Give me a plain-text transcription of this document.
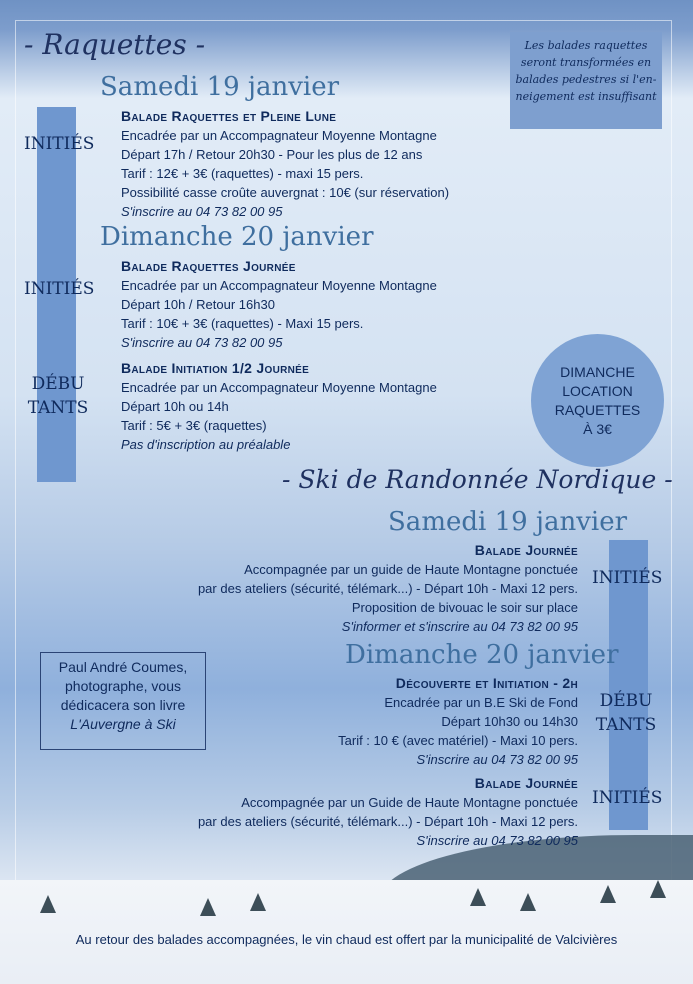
- Raquettes -	Les balades raquettes
seront transformées en
balades pedestres si l'en-
neigement est insuffisant
Samedi 19 janvier
INITIÉS
Balade Raquettes et Pleine Lune
Encadrée par un Accompagnateur Moyenne Montagne
Départ 17h / Retour 20h30 - Pour les plus de 12 ans
Tarif : 12€ + 3€ (raquettes) - maxi 15 pers.
Possibilité casse croûte auvergnat : 10€ (sur réservation)
S'inscrire au 04 73 82 00 95
Dimanche 20 janvier
INITIÉS
Balade Raquettes Journée
Encadrée par un Accompagnateur Moyenne Montagne
Départ 10h / Retour 16h30
Tarif : 10€ + 3€ (raquettes) - Maxi 15 pers.
S'inscrire au 04 73 82 00 95
DÉBU
TANTS
Balade Initiation 1/2 Journée
Encadrée par un Accompagnateur Moyenne Montagne
Départ 10h ou 14h
Tarif : 5€ + 3€ (raquettes)
Pas d'inscription au préalable
DIMANCHE
LOCATION
RAQUETTES
À 3€
- Ski de Randonnée Nordique -
Samedi 19 janvier
INITIÉS
Balade Journée
Accompagnée par un guide de Haute Montagne ponctuée
par des ateliers (sécurité, télémark...) - Départ 10h - Maxi 12 pers.
Proposition de bivouac le soir sur place
S'informer et s'inscrire au 04 73 82 00 95
Dimanche 20 janvier
DÉBU
TANTS
Découverte et Initiation - 2h
Encadrée par un B.E Ski de Fond
Départ 10h30 ou 14h30
Tarif : 10 € (avec matériel) - Maxi 10 pers.
S'inscrire au 04 73 82 00 95
INITIÉS
Balade Journée
Accompagnée par un Guide de Haute Montagne ponctuée
par des ateliers (sécurité, télémark...) - Départ 10h - Maxi 12 pers.
S'inscrire au 04 73 82 00 95
Paul André Coumes,
photographe, vous
dédicacera son livre
L'Auvergne à Ski
Au retour des balades accompagnées, le vin chaud est offert par la municipalité de Valcivières
